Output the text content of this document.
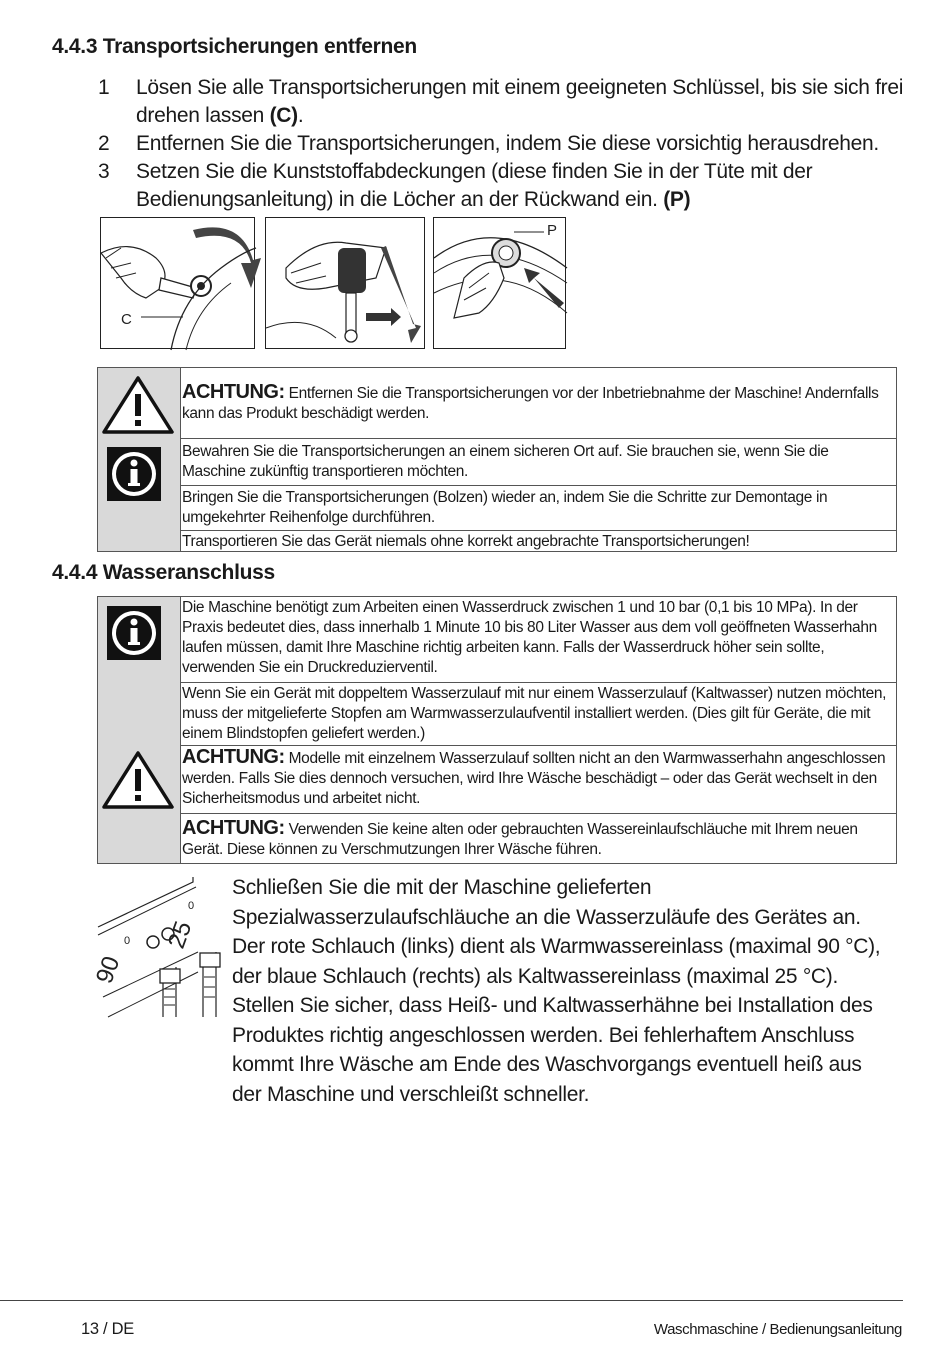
4.4.3 Transportsicherungen entfernen
1	Lösen Sie alle Transportsicherungen mit einem geeigneten Schlüssel, bis sie sich frei drehen lassen (C).
2	Entfernen Sie die Transportsicherungen, indem Sie diese vorsichtig herausdrehen.
3	Setzen Sie die Kunststoffabdeckungen (diese finden Sie in der Tüte mit der Bedienungsanleitung) in die Löcher an der Rückwand ein. (P)
C
P
ACHTUNG: Entfernen Sie die Transportsicherungen vor der Inbetriebnahme der Maschine! Andernfalls kann das Produkt beschädigt werden.
Bewahren Sie die Transportsicherungen an einem sicheren Ort auf. Sie brauchen sie, wenn Sie die Maschine zukünftig transportieren möchten.
Bringen Sie die Transportsicherungen (Bolzen) wieder an, indem Sie die Schritte zur Demontage in umgekehrter Reihenfolge durchführen.
Transportieren Sie das Gerät niemals ohne korrekt angebrachte Transportsicherungen!
4.4.4 Wasseranschluss
Die Maschine benötigt zum Arbeiten einen Wasserdruck zwischen 1 und 10 bar (0,1 bis 10 MPa). In der Praxis bedeutet dies, dass innerhalb 1 Minute 10 bis 80 Liter Wasser aus dem voll geöffneten Wasserhahn laufen müssen, damit Ihre Maschine richtig arbeiten kann. Falls der Wasserdruck höher sein sollte, verwenden Sie ein Druckreduzierventil.
Wenn Sie ein Gerät mit doppeltem Wasserzulauf mit nur einem Wasserzulauf (Kaltwasser) nutzen möchten, muss der mitgelieferte Stopfen am Warmwasserzulaufventil installiert werden. (Dies gilt für Geräte, die mit einem Blindstopfen geliefert werden.)
ACHTUNG: Modelle mit einzelnem Wasserzulauf sollten nicht an den Warmwasserhahn angeschlossen werden. Falls Sie dies dennoch versuchen, wird Ihre Wäsche beschädigt – oder das Gerät wechselt in den Sicherheitsmodus und arbeitet nicht.
ACHTUNG: Verwenden Sie keine alten oder gebrauchten Wassereinlaufschläuche mit Ihrem neuen Gerät. Diese können zu Verschmutzungen Ihrer Wäsche führen.
90
0 25
0
Schließen Sie die mit der Maschine gelieferten Spezialwasserzulaufschläuche an die Wasserzuläufe des Gerätes an. Der rote Schlauch (links) dient als Warmwassereinlass (maximal 90 °C), der blaue Schlauch (rechts) als Kaltwassereinlass (maximal 25 °C).
Stellen Sie sicher, dass Heiß- und Kaltwasserhähne bei Installation des Produktes richtig angeschlossen werden. Bei fehlerhaftem Anschluss kommt Ihre Wäsche am Ende des Waschvorgangs eventuell heiß aus der Maschine und verschleißt schneller.
13 / DE	Waschmaschine / Bedienungsanleitung
